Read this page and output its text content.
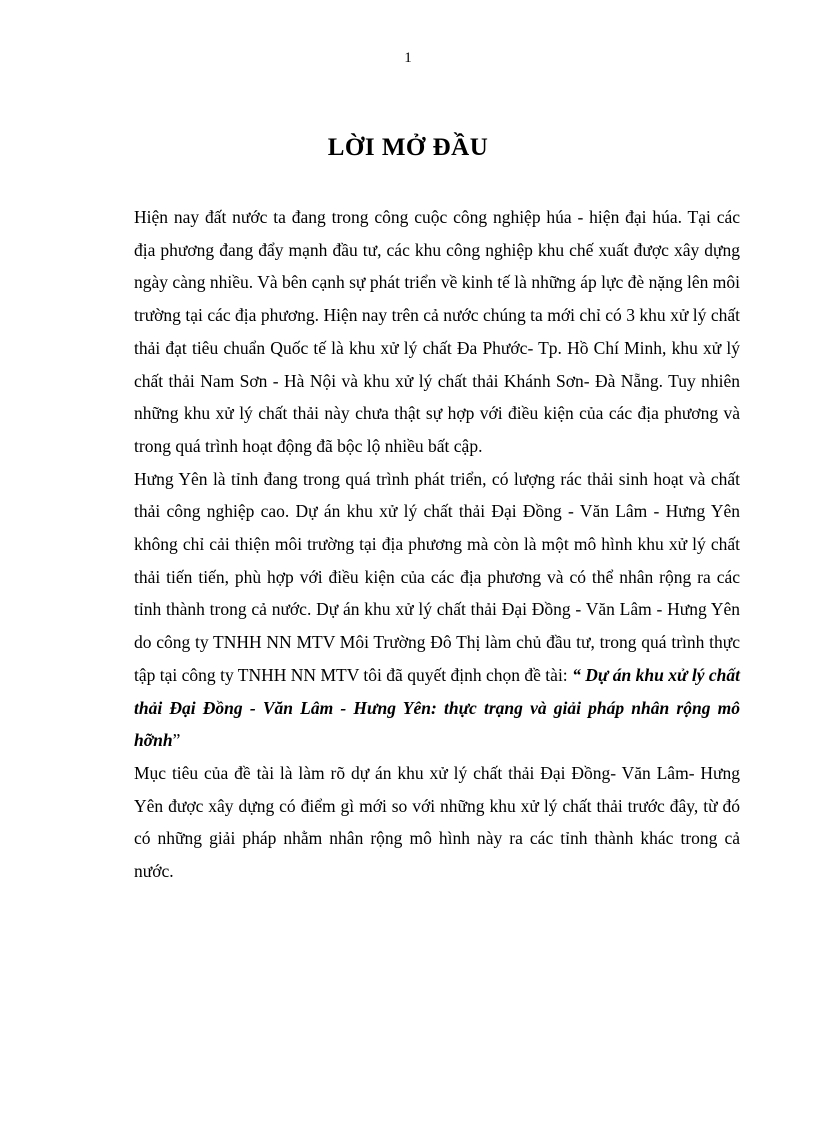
1
LỜI MỞ ĐẦU

Hiện nay đất nước ta đang trong công cuộc công nghiệp húa - hiện đại húa. Tại các địa phương đang đẩy mạnh đầu tư, các khu công nghiệp khu chế xuất được xây dựng ngày càng nhiều. Và bên cạnh sự phát triển về kinh tế là những áp lực đè nặng lên môi trường tại các địa phương. Hiện nay trên cả nước chúng ta mới chỉ có 3 khu xử lý chất thải đạt tiêu chuẩn Quốc tế là khu xử lý chất Đa Phước- Tp. Hồ Chí Minh, khu xử lý chất thải Nam Sơn - Hà Nội và khu xử lý chất thải Khánh Sơn- Đà Nẵng. Tuy nhiên những khu xử lý chất thải này chưa thật sự hợp với điều kiện của các địa phương và trong quá trình hoạt động đã bộc lộ nhiều bất cập.

Hưng Yên là tỉnh đang trong quá trình phát triển, có lượng rác thải sinh hoạt và chất thải công nghiệp cao. Dự án khu xử lý chất thải Đại Đồng - Văn Lâm - Hưng Yên không chỉ cải thiện môi trường tại địa phương mà còn là một mô hình khu xử lý chất thải tiến tiến, phù hợp với điều kiện của các địa phương và có thể nhân rộng ra các tỉnh thành trong cả nước. Dự án khu xử lý chất thải Đại Đồng - Văn Lâm - Hưng Yên do công ty TNHH NN MTV Môi Trường Đô Thị làm chủ đầu tư, trong quá trình thực tập tại công ty TNHH NN MTV tôi đã quyết định chọn đề tài: “ Dự án khu xử lý chất thải Đại Đồng - Văn Lâm - Hưng Yên: thực trạng và giải pháp nhân rộng mô hỡnh”

Mục tiêu của đề tài là làm rõ dự án khu xử lý chất thải Đại Đồng- Văn Lâm- Hưng Yên được xây dựng có điểm gì mới so với những khu xử lý chất thải trước đây, từ đó có những giải pháp nhằm nhân rộng mô hình này ra các tỉnh thành khác trong cả nước.
